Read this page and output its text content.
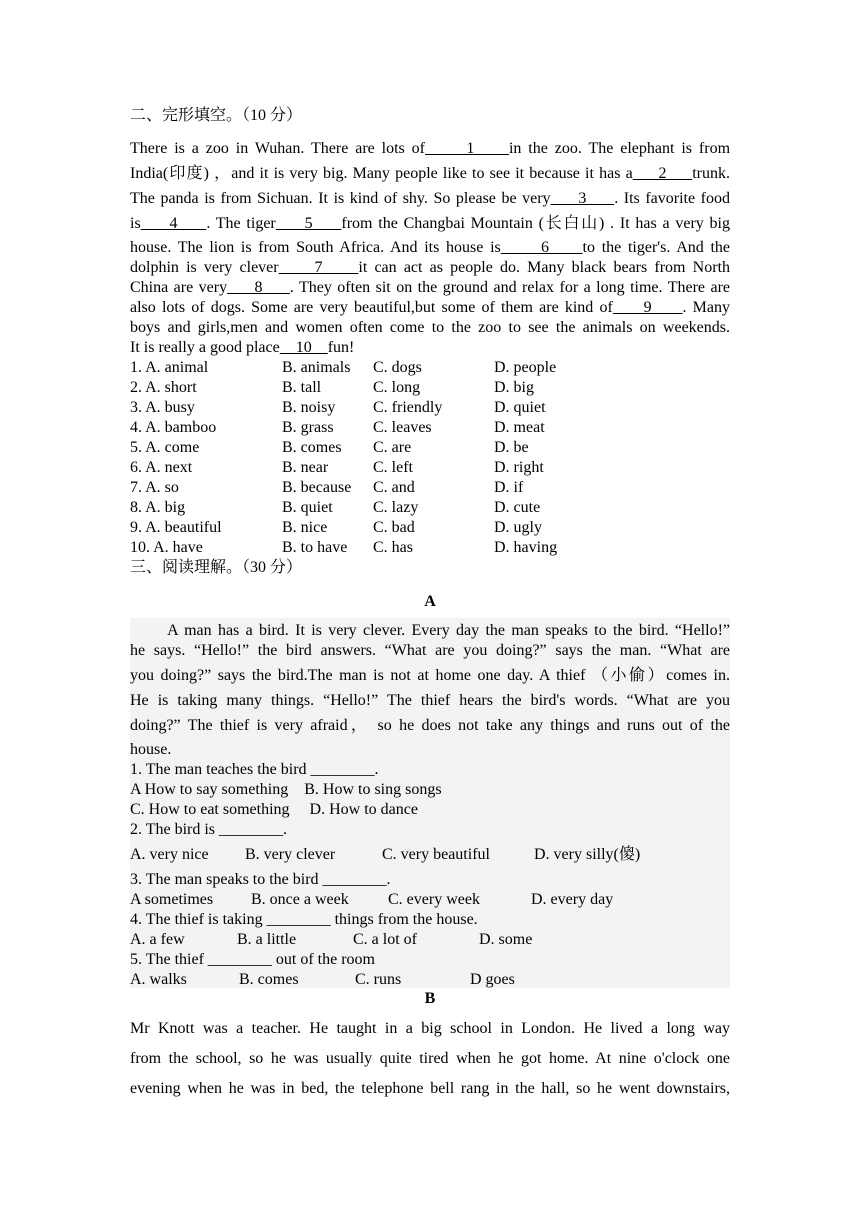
二、完形填空。（10 分）
There is a zoo in Wuhan. There are lots of      1     in the zoo. The elephant is from
India(印度) ，and it is very big. Many people like to see it because it has a     2     trunk.
The panda is from Sichuan. It is kind of shy. So please be very     3     . Its favorite food
is     4     . The tiger     5     from the Changbai Mountain (长白山) . It has a very big
house. The lion is from South Africa. And its house is      6     to the tiger's. And the
dolphin is very clever     7     it can act as people do. Many black bears from North
China are very     8     . They often sit on the ground and relax for a long time. There are
also lots of dogs. Some are very beautiful,but some of them are kind of     9     . Many
boys and girls,men and women often come to the zoo to see the animals on weekends.
It is really a good place    10    fun!
1. A. animal	B. animals C. dogs	D. people
2. A. short	B. tall	C. long	D. big
3. A. busy	B. noisy C. friendly	D. quiet
4. A. bamboo	B. grass C. leaves	D. meat
5. A. come	B. comes C. are	D. be
6. A. next	B. near	C. left	D. right
7. A. so	B. because C. and	D. if
8. A. big	B. quiet	C. lazy	D. cute
9. A. beautiful	B. nice	C. bad	D. ugly
10. A. have	B. to have C. has	D. having
三、阅读理解。（30 分）
A
A man has a bird. It is very clever. Every day the man speaks to the bird. “Hello!”
he says. “Hello!” the bird answers. “What are you doing?” says the man. “What are
you doing?” says the bird.The man is not at home one day. A thief （小偷）comes in.
He is taking many things. “Hello!” The thief hears the bird's words. “What are you
doing?” The thief is very afraid， so he does not take any things and runs out of the
house.
1. The man teaches the bird ________.
A How to say something    B. How to sing songs
C. How to eat something     D. How to dance
2. The bird is ________.
A. very nice B. very clever	C. very beautiful	D. very silly(傻)
3. The man speaks to the bird ________.
A sometimes B. once a week C. every week	D. every day
4. The thief is taking ________ things from the house.
A. a few	B. a little	C. a lot of	D. some
5. The thief ________ out of the room
A. walks	B. comes	C. runs	D goes
B
Mr Knott was a teacher. He taught in a big school in London. He lived a long way
from the school, so he was usually quite tired when he got home. At nine o'clock one
evening when he was in bed, the telephone bell rang in the hall, so he went downstairs,
